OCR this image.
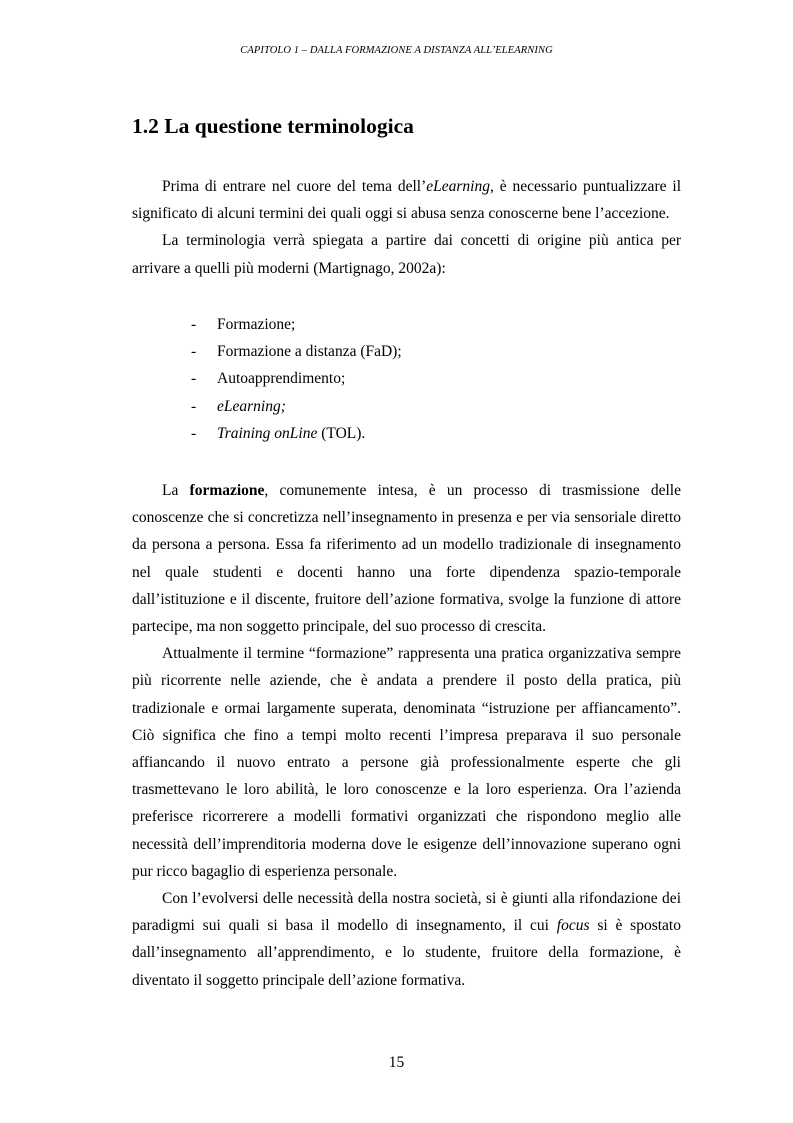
CAPITOLO 1 – DALLA FORMAZIONE A DISTANZA ALL’ELEARNING
1.2 La questione terminologica

Prima di entrare nel cuore del tema dell’eLearning, è necessario puntualizzare il significato di alcuni termini dei quali oggi si abusa senza conoscerne bene l’accezione.

La terminologia verrà spiegata a partire dai concetti di origine più antica per arrivare a quelli più moderni (Martignago, 2002a):

- Formazione;
- Formazione a distanza (FaD);
- Autoapprendimento;
- eLearning;
- Training onLine (TOL).

La formazione, comunemente intesa, è un processo di trasmissione delle conoscenze che si concretizza nell’insegnamento in presenza e per via sensoriale diretto da persona a persona. Essa fa riferimento ad un modello tradizionale di insegnamento nel quale studenti e docenti hanno una forte dipendenza spazio-temporale dall’istituzione e il discente, fruitore dell’azione formativa, svolge la funzione di attore partecipe, ma non soggetto principale, del suo processo di crescita.

Attualmente il termine “formazione” rappresenta una pratica organizzativa sempre più ricorrente nelle aziende, che è andata a prendere il posto della pratica, più tradizionale e ormai largamente superata, denominata “istruzione per affiancamento”. Ciò significa che fino a tempi molto recenti l’impresa preparava il suo personale affiancando il nuovo entrato a persone già professionalmente esperte che gli trasmettevano le loro abilità, le loro conoscenze e la loro esperienza. Ora l’azienda preferisce ricorrerere a modelli formativi organizzati che rispondono meglio alle necessità dell’imprenditoria moderna dove le esigenze dell’innovazione superano ogni pur ricco bagaglio di esperienza personale.

Con l’evolversi delle necessità della nostra società, si è giunti alla rifondazione dei paradigmi sui quali si basa il modello di insegnamento, il cui focus si è spostato dall’insegnamento all’apprendimento, e lo studente, fruitore della formazione, è diventato il soggetto principale dell’azione formativa.

15
